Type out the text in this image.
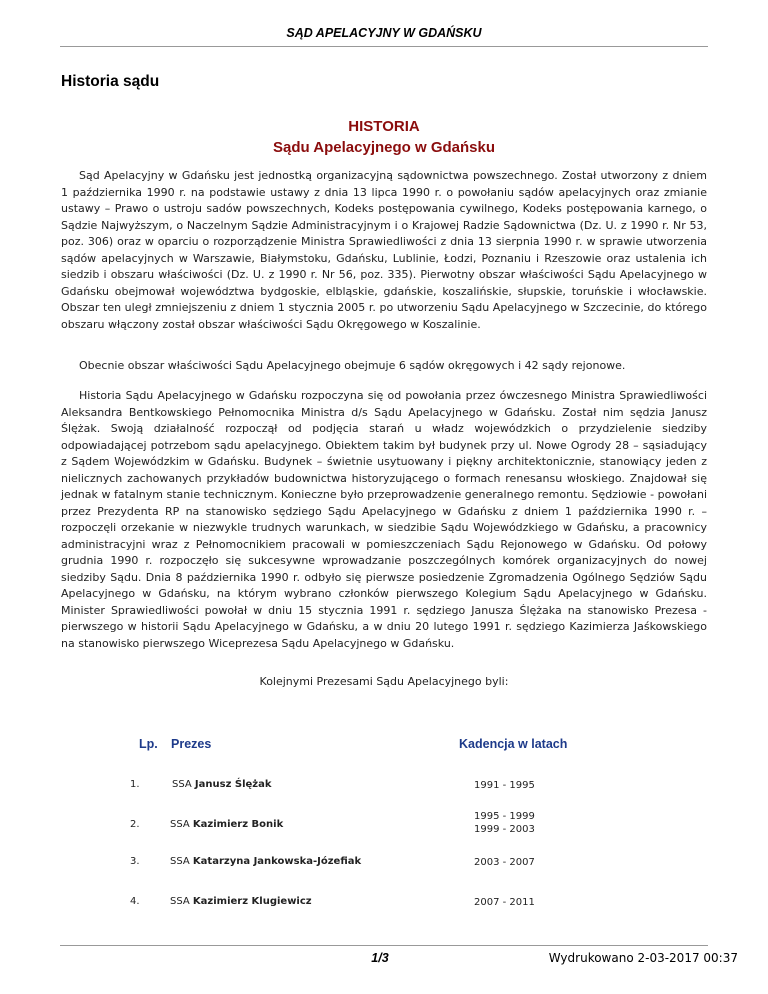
SĄD APELACYJNY W GDAŃSKU
Historia sądu
HISTORIA
Sądu Apelacyjnego w Gdańsku
Sąd Apelacyjny w Gdańsku jest jednostką organizacyjną sądownictwa powszechnego. Został utworzony z dniem 1 października 1990 r. na podstawie ustawy z dnia 13 lipca 1990 r. o powołaniu sądów apelacyjnych oraz zmianie ustawy – Prawo o ustroju sadów powszechnych, Kodeks postępowania cywilnego, Kodeks postępowania karnego, o Sądzie Najwyższym, o Naczelnym Sądzie Administracyjnym i o Krajowej Radzie Sądownictwa (Dz. U. z 1990 r. Nr 53, poz. 306) oraz w oparciu o rozporządzenie Ministra Sprawiedliwości z dnia 13 sierpnia 1990 r. w sprawie utworzenia sądów apelacyjnych w Warszawie, Białymstoku, Gdańsku, Lublinie, Łodzi, Poznaniu i Rzeszowie oraz ustalenia ich siedzib i obszaru właściwości (Dz. U. z 1990 r. Nr 56, poz. 335). Pierwotny obszar właściwości Sądu Apelacyjnego w Gdańsku obejmował województwa bydgoskie, elbląskie, gdańskie, koszalińskie, słupskie, toruńskie i włocławskie. Obszar ten uległ zmniejszeniu z dniem 1 stycznia 2005 r. po utworzeniu Sądu Apelacyjnego w Szczecinie, do którego obszaru włączony został obszar właściwości Sądu Okręgowego w Koszalinie.
Obecnie obszar właściwości Sądu Apelacyjnego obejmuje 6 sądów okręgowych i 42 sądy rejonowe.
Historia Sądu Apelacyjnego w Gdańsku rozpoczyna się od powołania przez ówczesnego Ministra Sprawiedliwości Aleksandra Bentkowskiego Pełnomocnika Ministra d/s Sądu Apelacyjnego w Gdańsku. Został nim sędzia Janusz Ślężak. Swoją działalność rozpoczął od podjęcia starań u władz wojewódzkich o przydzielenie siedziby odpowiadającej potrzebom sądu apelacyjnego. Obiektem takim był budynek przy ul. Nowe Ogrody 28 – sąsiadujący z Sądem Wojewódzkim w Gdańsku. Budynek – świetnie usytuowany i piękny architektonicznie, stanowiący jeden z nielicznych zachowanych przykładów budownictwa historyzującego o formach renesansu włoskiego. Znajdował się jednak w fatalnym stanie technicznym. Konieczne było przeprowadzenie generalnego remontu. Sędziowie - powołani przez Prezydenta RP na stanowisko sędziego Sądu Apelacyjnego w Gdańsku z dniem 1 października 1990 r. – rozpoczęli orzekanie w niezwykle trudnych warunkach, w siedzibie Sądu Wojewódzkiego w Gdańsku, a pracownicy administracyjni wraz z Pełnomocnikiem pracowali w pomieszczeniach Sądu Rejonowego w Gdańsku. Od połowy grudnia 1990 r. rozpoczęło się sukcesywne wprowadzanie poszczególnych komórek organizacyjnych do nowej siedziby Sądu. Dnia 8 października 1990 r. odbyło się pierwsze posiedzenie Zgromadzenia Ogólnego Sędziów Sądu Apelacyjnego w Gdańsku, na którym wybrano członków pierwszego Kolegium Sądu Apelacyjnego w Gdańsku. Minister Sprawiedliwości powołał w dniu 15 stycznia 1991 r. sędziego Janusza Ślężaka na stanowisko Prezesa - pierwszego w historii Sądu Apelacyjnego w Gdańsku, a w dniu 20 lutego 1991 r. sędziego Kazimierza Jaśkowskiego na stanowisko pierwszego Wiceprezesa Sądu Apelacyjnego w Gdańsku.
Kolejnymi Prezesami Sądu Apelacyjnego byli:
Lp. Prezes	Kadencja w latach
1.	SSA Janusz Ślężak	1991 - 1995
2.	SSA Kazimierz Bonik
1995 - 1999
1999 - 2003
3.	SSA Katarzyna Jankowska-Józefiak	2003 - 2007
4.	SSA Kazimierz Klugiewicz	2007 - 2011
1/3	Wydrukowano 2-03-2017 00:37
